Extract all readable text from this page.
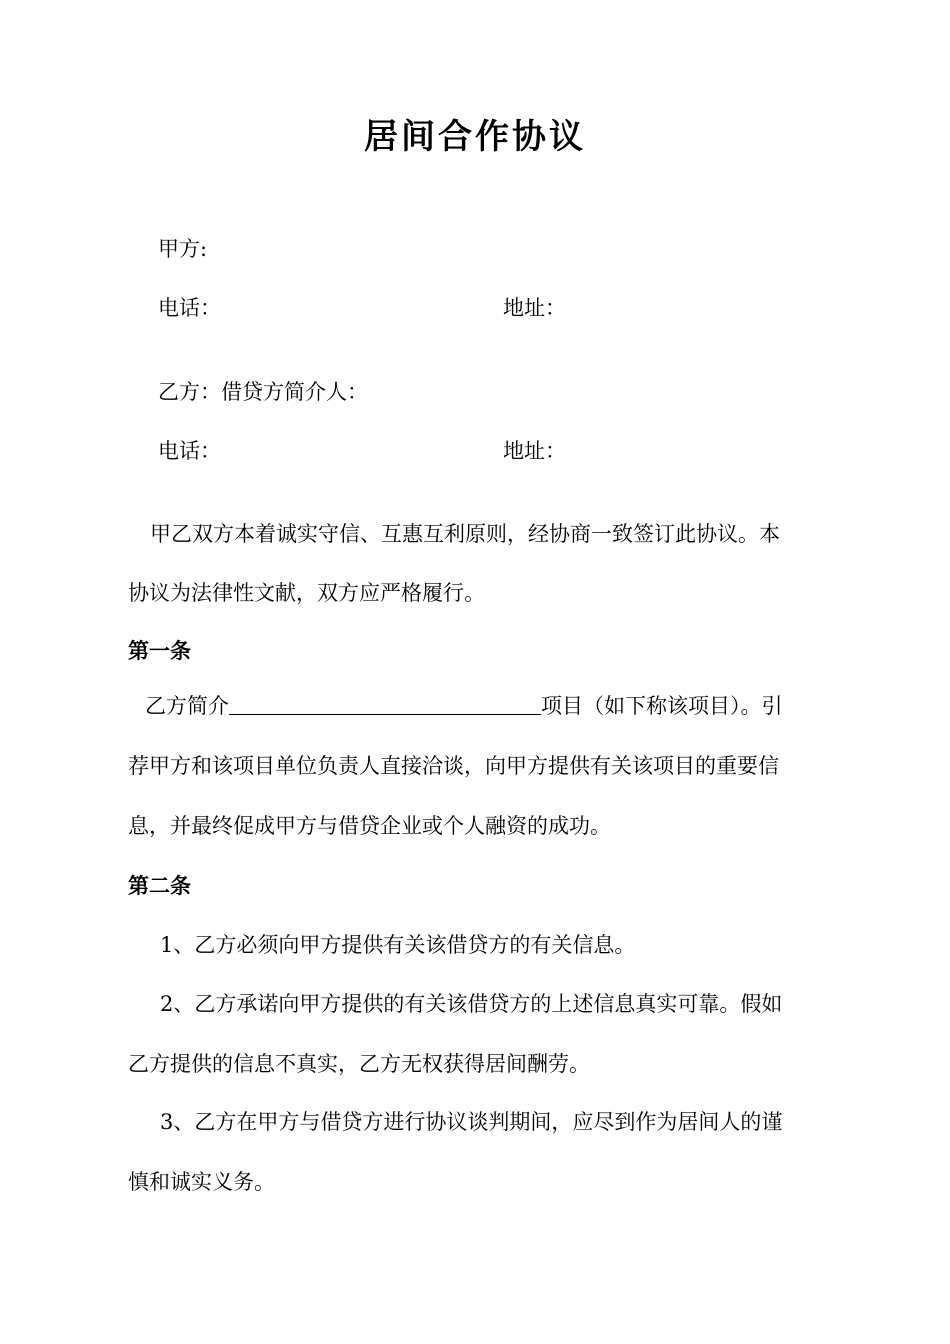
居间合作协议
甲方:
电话：	地址：
乙方：借贷方简介人：
电话：	地址：
甲乙双方本着诚实守信、互惠互利原则，经协商一致签订此协议。本
协议为法律性文献，双方应严格履行。
第一条
乙方简介	项目（如下称该项目）。引
荐甲方和该项目单位负责人直接洽谈，向甲方提供有关该项目的重要信
息，并最终促成甲方与借贷企业或个人融资的成功。
第二条
1、乙方必须向甲方提供有关该借贷方的有关信息。
2、乙方承诺向甲方提供的有关该借贷方的上述信息真实可靠。假如
乙方提供的信息不真实，乙方无权获得居间酬劳。
3、乙方在甲方与借贷方进行协议谈判期间，应尽到作为居间人的谨
慎和诚实义务。
